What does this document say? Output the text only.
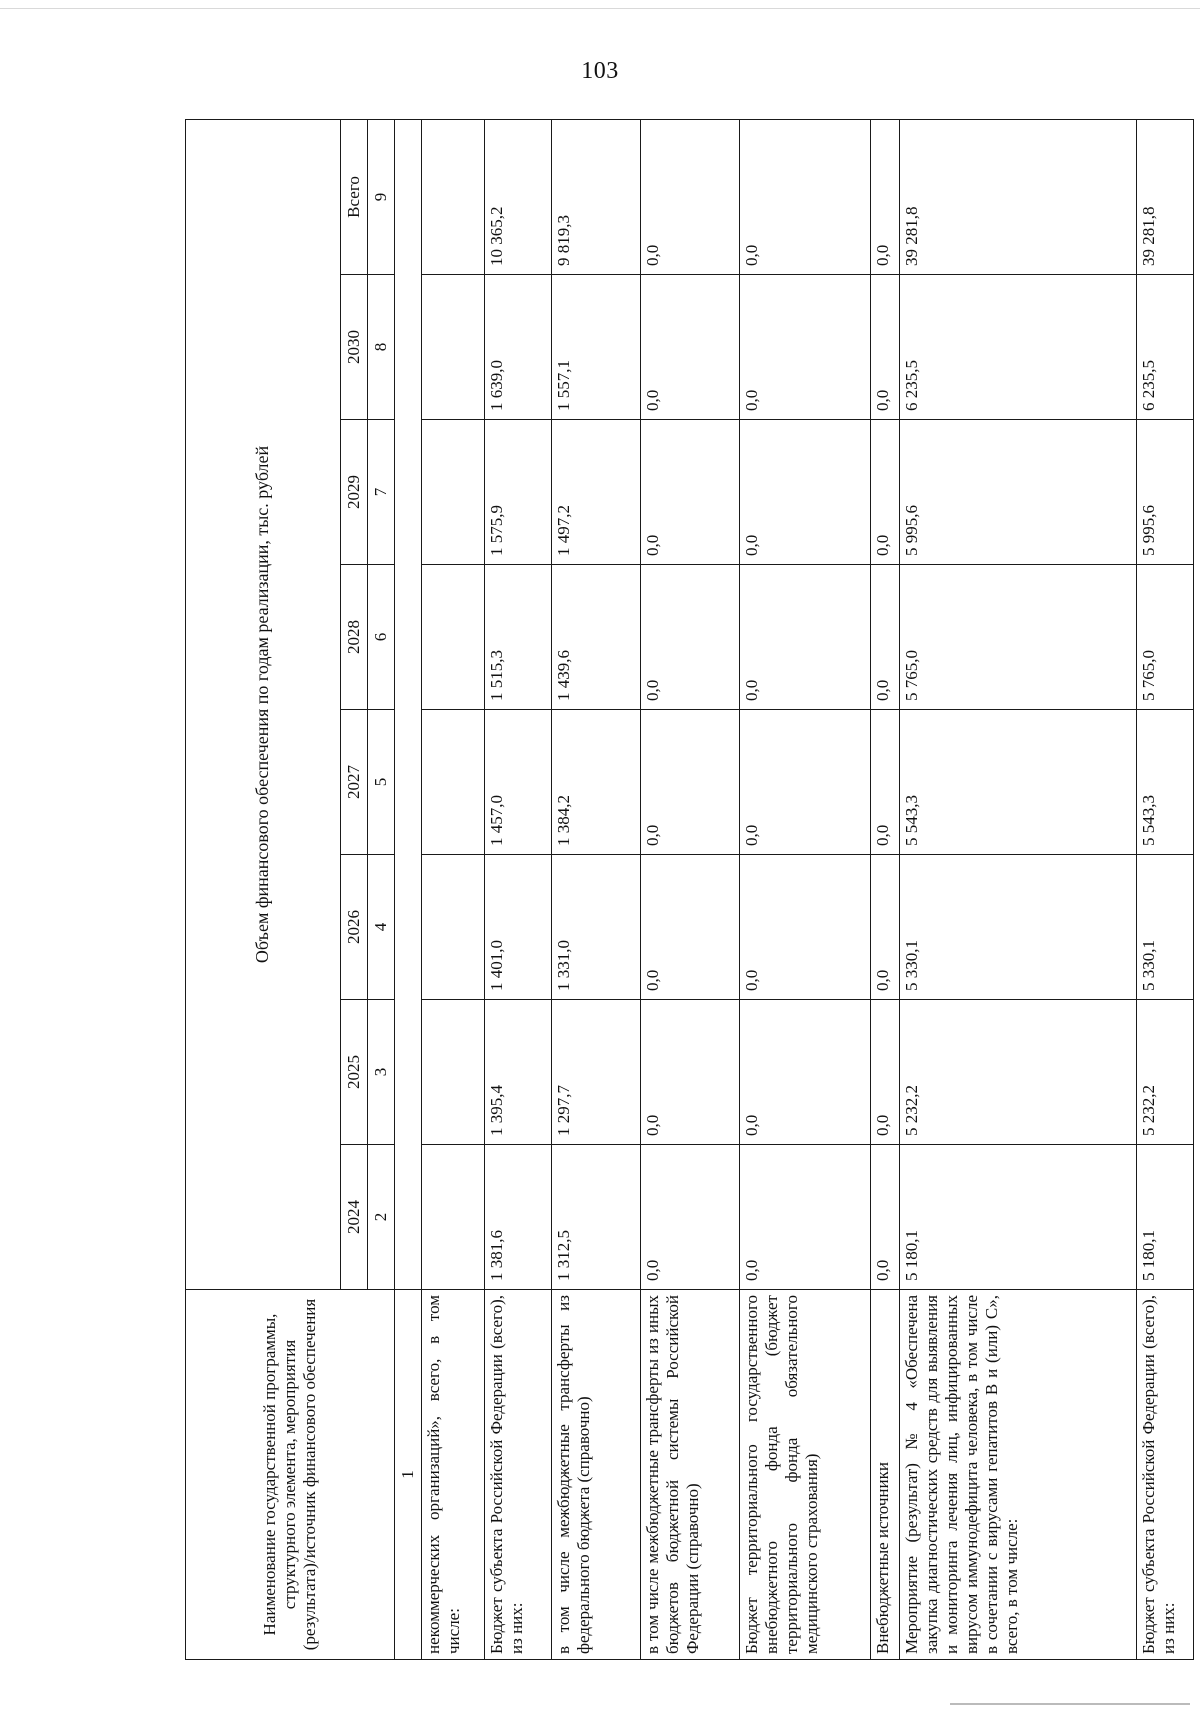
103
Наименование государственной программы, структурного элемента, мероприятия (результата)/источник финансового обеспечения	Объем финансового обеспечения по годам реализации, тыс. рублей							
	2024	2025	2026	2027	2028	2029	2030	Всего
	2	3	4	5	6	7	8	9
1								
некоммерческих организаций», всего, в том числе:								
Бюджет субъекта Российской Федерации (всего), из них:	1 381,6	1 395,4	1 401,0	1 457,0	1 515,3	1 575,9	1 639,0	10 365,2
в том числе межбюджетные трансферты из федерального бюджета (справочно)	1 312,5	1 297,7	1 331,0	1 384,2	1 439,6	1 497,2	1 557,1	9 819,3
в том числе межбюджетные трансферты из иных бюджетов бюджетной системы Российской Федерации (справочно)	0,0	0,0	0,0	0,0	0,0	0,0	0,0	0,0
Бюджет территориального государственного внебюджетного фонда (бюджет территориального фонда обязательного медицинского страхования)	0,0	0,0	0,0	0,0	0,0	0,0	0,0	0,0
Внебюджетные источники	0,0	0,0	0,0	0,0	0,0	0,0	0,0	0,0
Мероприятие (результат) № 4 «Обеспечена закупка диагностических средств для выявления и мониторинга лечения лиц, инфицированных вирусом иммунодефицита человека, в том числе в сочетании с вирусами гепатитов В и (или) С», всего, в том числе:	5 180,1	5 232,2	5 330,1	5 543,3	5 765,0	5 995,6	6 235,5	39 281,8
Бюджет субъекта Российской Федерации (всего), из них:	5 180,1	5 232,2	5 330,1	5 543,3	5 765,0	5 995,6	6 235,5	39 281,8
